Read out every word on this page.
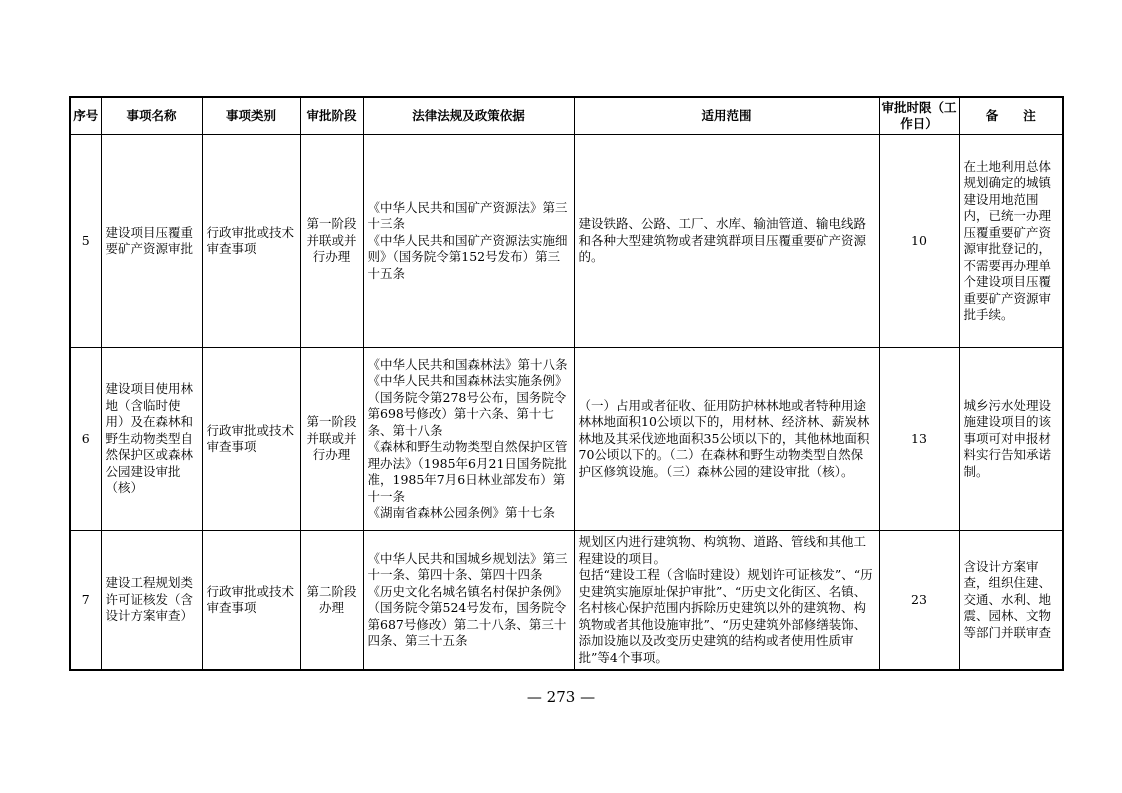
序号	事项名称	事项类别	审批阶段	法律法规及政策依据	适用范围	审批时限（工作日）	备　　注
5	建设项目压覆重要矿产资源审批	行政审批或技术审查事项	第一阶段并联或并行办理	《中华人民共和国矿产资源法》第三十三条
《中华人民共和国矿产资源法实施细则》（国务院令第152号发布）第三十五条	建设铁路、公路、工厂、水库、输油管道、输电线路和各种大型建筑物或者建筑群项目压覆重要矿产资源的。	10	在土地利用总体规划确定的城镇建设用地范围内，已统一办理压覆重要矿产资源审批登记的，不需要再办理单个建设项目压覆重要矿产资源审批手续。
6	建设项目使用林地（含临时使用）及在森林和野生动物类型自然保护区或森林公园建设审批（核）	行政审批或技术审查事项	第一阶段并联或并行办理	《中华人民共和国森林法》第十八条
《中华人民共和国森林法实施条例》（国务院令第278号公布，国务院令第698号修改）第十六条、第十七条、第十八条
《森林和野生动物类型自然保护区管理办法》（1985年6月21日国务院批准，1985年7月6日林业部发布）第十一条
《湖南省森林公园条例》第十七条	（一）占用或者征收、征用防护林林地或者特种用途林林地面积10公顷以下的，用材林、经济林、薪炭林林地及其采伐迹地面积35公顷以下的，其他林地面积70公顷以下的。（二）在森林和野生动物类型自然保护区修筑设施。（三）森林公园的建设审批（核）。	13	城乡污水处理设施建设项目的该事项可对申报材料实行告知承诺制。
7	建设工程规划类许可证核发（含设计方案审查）	行政审批或技术审查事项	第二阶段办理	《中华人民共和国城乡规划法》第三十一条、第四十条、第四十四条
《历史文化名城名镇名村保护条例》（国务院令第524号发布，国务院令第687号修改）第二十八条、第三十四条、第三十五条	规划区内进行建筑物、构筑物、道路、管线和其他工程建设的项目。
包括“建设工程（含临时建设）规划许可证核发”、“历史建筑实施原址保护审批”、“历史文化街区、名镇、名村核心保护范围内拆除历史建筑以外的建筑物、构筑物或者其他设施审批”、“历史建筑外部修缮装饰、添加设施以及改变历史建筑的结构或者使用性质审批”等4个事项。	23	含设计方案审查，组织住建、交通、水利、地震、园林、文物等部门并联审查
— 273 —
